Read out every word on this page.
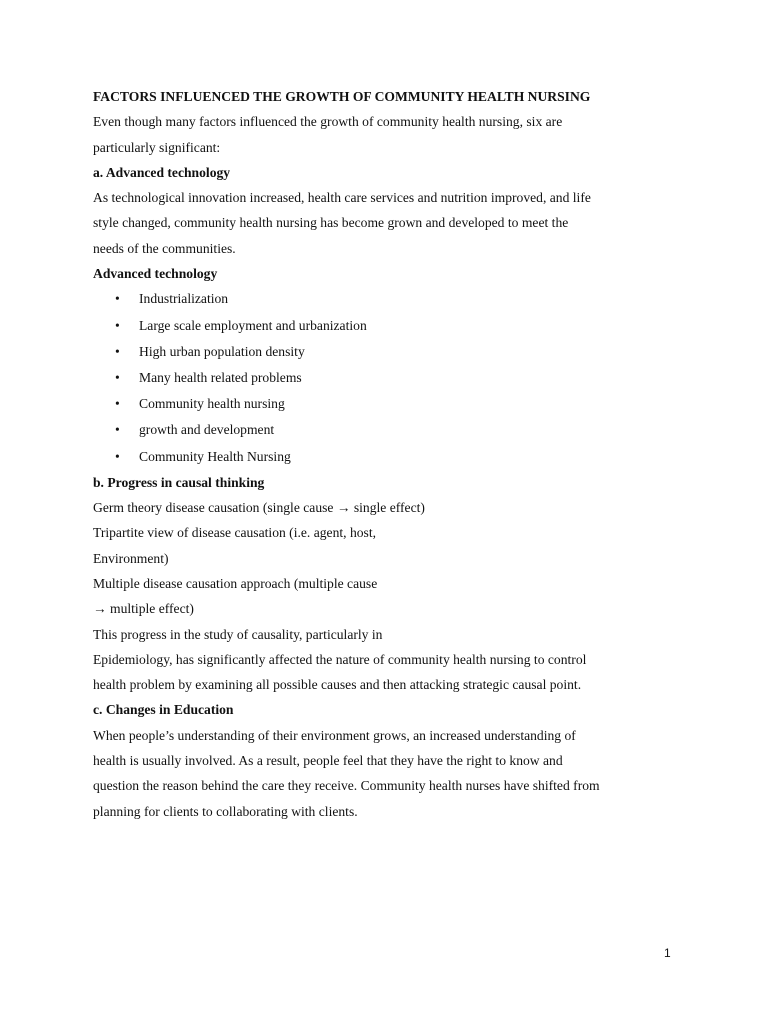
FACTORS INFLUENCED THE GROWTH OF COMMUNITY HEALTH NURSING

Even though many factors influenced the growth of community health nursing, six are

particularly significant:

a. Advanced technology

As technological innovation increased, health care services and nutrition improved, and life

style changed, community health nursing has become grown and developed to meet the

needs of the communities.

Advanced technology

• Industrialization
• Large scale employment and urbanization
• High urban population density
• Many health related problems
• Community health nursing
• growth and development
• Community Health Nursing

b. Progress in causal thinking

Germ theory disease causation (single cause → single effect)

Tripartite view of disease causation (i.e. agent, host,

Environment)

Multiple disease causation approach (multiple cause

→ multiple effect)

This progress in the study of causality, particularly in

Epidemiology, has significantly affected the nature of community health nursing to control

health problem by examining all possible causes and then attacking strategic causal point.

c. Changes in Education

When people’s understanding of their environment grows, an increased understanding of

health is usually involved. As a result, people feel that they have the right to know and

question the reason behind the care they receive. Community health nurses have shifted from

planning for clients to collaborating with clients.

1
